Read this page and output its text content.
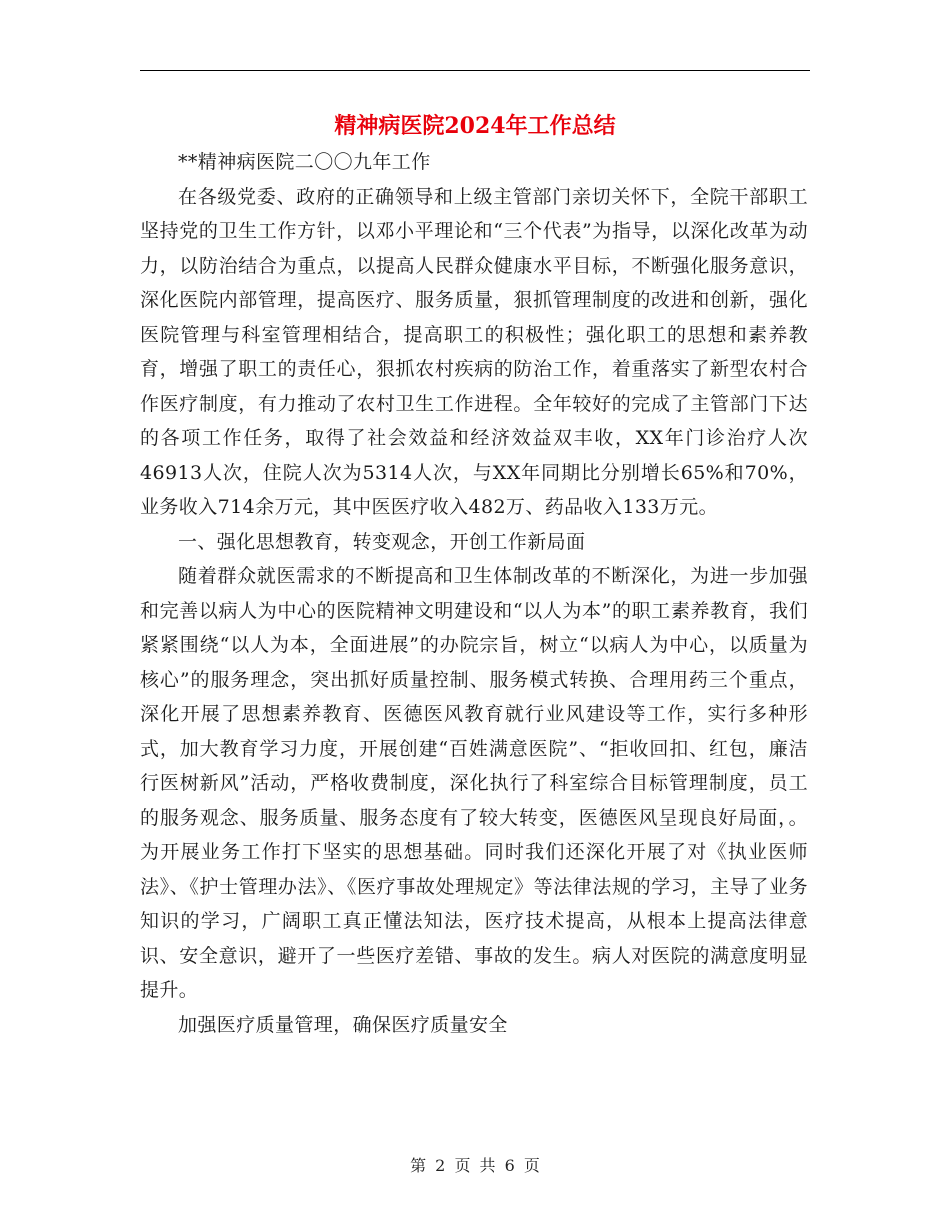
精神病医院2024年工作总结

**精神病医院二〇〇九年工作

在各级党委、政府的正确领导和上级主管部门亲切关怀下，全院干部职工坚持党的卫生工作方针，以邓小平理论和“三个代表”为指导，以深化改革为动力，以防治结合为重点，以提高人民群众健康水平目标，不断强化服务意识，深化医院内部管理，提高医疗、服务质量，狠抓管理制度的改进和创新，强化医院管理与科室管理相结合，提高职工的积极性；强化职工的思想和素养教育，增强了职工的责任心，狠抓农村疾病的防治工作，着重落实了新型农村合作医疗制度，有力推动了农村卫生工作进程。全年较好的完成了主管部门下达的各项工作任务，取得了社会效益和经济效益双丰收，XX年门诊治疗人次46913人次，住院人次为5314人次，与XX年同期比分别增长65%和70%，业务收入714余万元，其中医医疗收入482万、药品收入133万元。

一、强化思想教育，转变观念，开创工作新局面

随着群众就医需求的不断提高和卫生体制改革的不断深化，为进一步加强和完善以病人为中心的医院精神文明建设和“以人为本”的职工素养教育，我们紧紧围绕“以人为本，全面进展”的办院宗旨，树立“以病人为中心，以质量为核心”的服务理念，突出抓好质量控制、服务模式转换、合理用药三个重点，深化开展了思想素养教育、医德医风教育就行业风建设等工作，实行多种形式，加大教育学习力度，开展创建“百姓满意医院”、“拒收回扣、红包，廉洁行医树新风”活动，严格收费制度，深化执行了科室综合目标管理制度，员工的服务观念、服务质量、服务态度有了较大转变，医德医风呈现良好局面，。为开展业务工作打下坚实的思想基础。同时我们还深化开展了对《执业医师法》、《护士管理办法》、《医疗事故处理规定》等法律法规的学习，主导了业务知识的学习，广阔职工真正懂法知法，医疗技术提高，从根本上提高法律意识、安全意识，避开了一些医疗差错、事故的发生。病人对医院的满意度明显提升。

加强医疗质量管理，确保医疗质量安全

第 2 页 共 6 页
